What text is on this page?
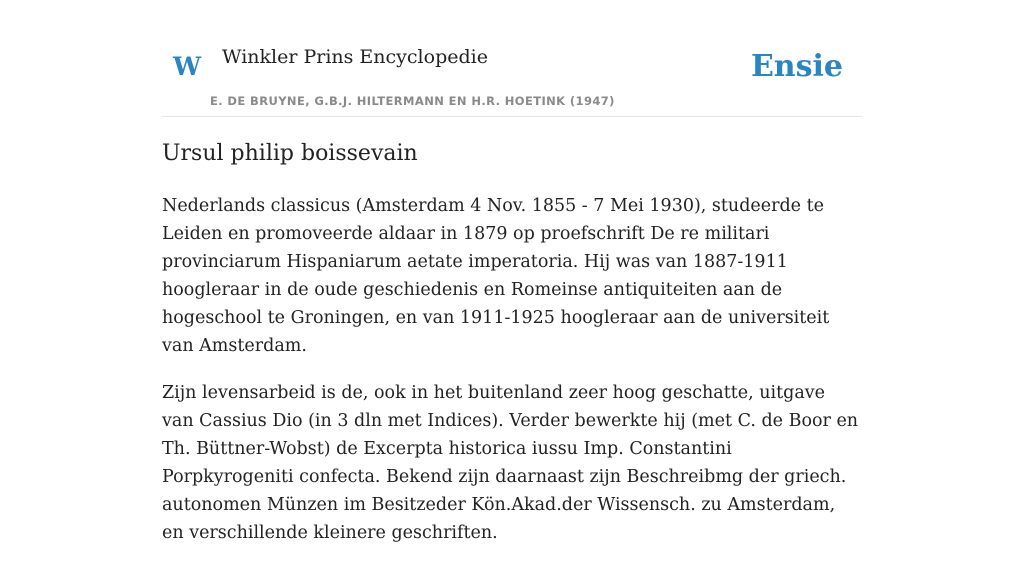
W Winkler Prins Encyclopedie
E. DE BRUYNE, G.B.J. HILTERMANN EN H.R. HOETINK (1947)
Ensie
Ursul philip boissevain

Nederlands classicus (Amsterdam 4 Nov. 1855 - 7 Mei 1930), studeerde te Leiden en promoveerde aldaar in 1879 op proefschrift De re militari provinciarum Hispaniarum aetate imperatoria. Hij was van 1887-1911 hoogleraar in de oude geschiedenis en Romeinse antiquiteiten aan de hogeschool te Groningen, en van 1911-1925 hoogleraar aan de universiteit van Amsterdam.

Zijn levensarbeid is de, ook in het buitenland zeer hoog geschatte, uitgave van Cassius Dio (in 3 dln met Indices). Verder bewerkte hij (met C. de Boor en Th. Büttner-Wobst) de Excerpta historica iussu Imp. Constantini Porpkyrogeniti confecta. Bekend zijn daarnaast zijn Beschreibmg der griech. autonomen Münzen im Besitzeder Kön.Akad.der Wissensch. zu Amsterdam, en verschillende kleinere geschriften.
